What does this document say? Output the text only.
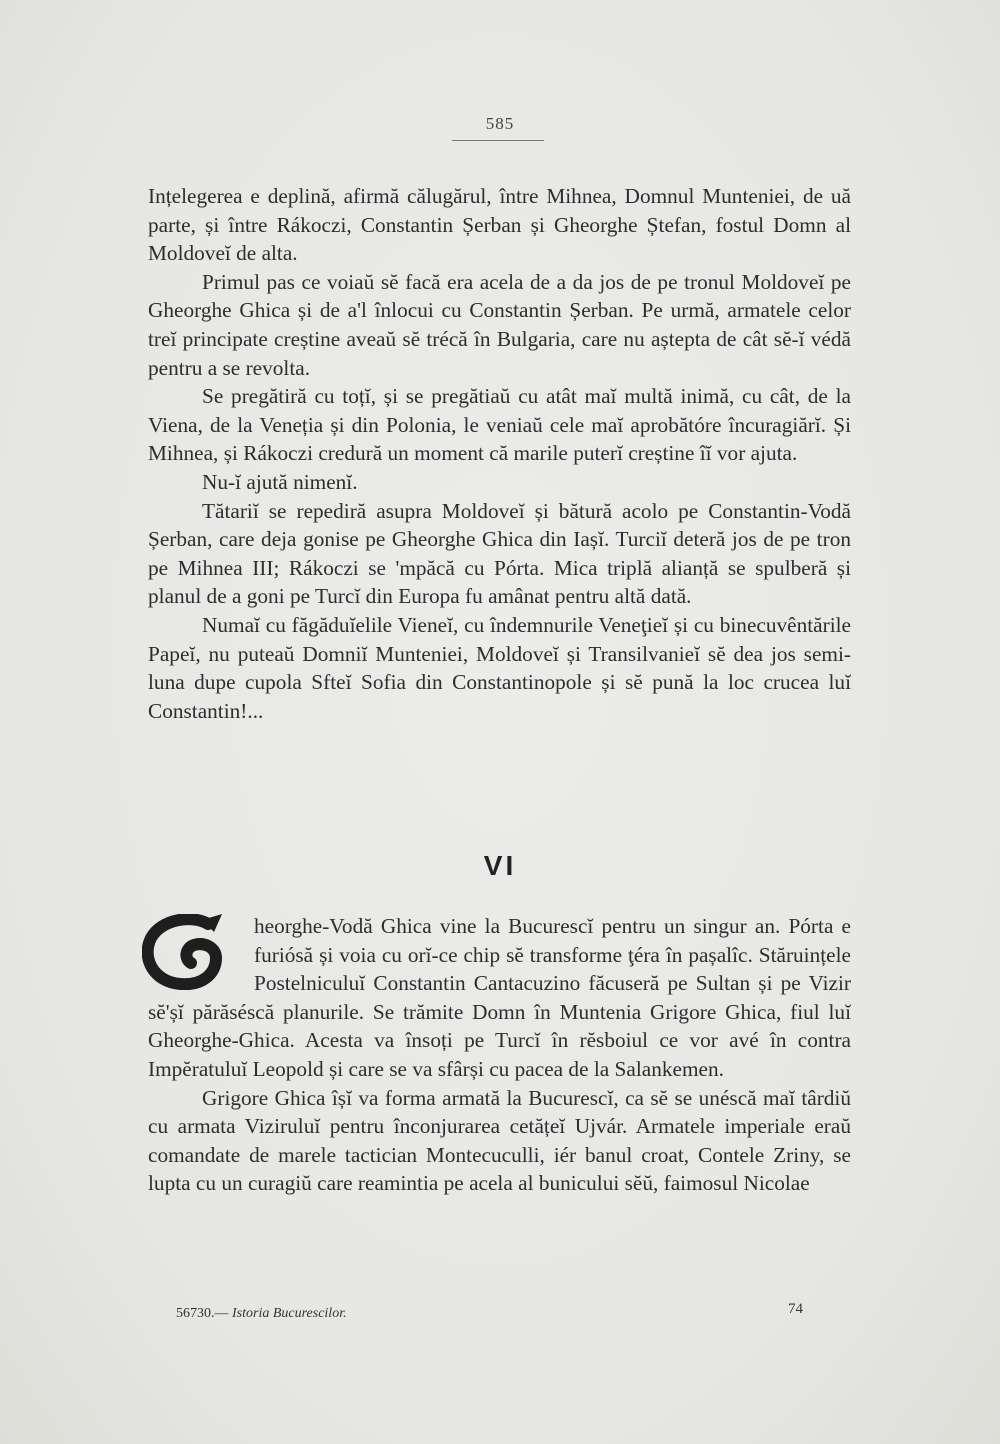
585

Ințelegerea e deplină, afirmă călugărul, între Mihnea, Domnul Munteniei, de uă parte, și între Rákoczi, Constantin Șerban și Gheorghe Ștefan, fostul Domn al Moldoveĭ de alta.

Primul pas ce voiaŭ sĕ facă era acela de a da jos de pe tronul Moldoveĭ pe Gheorghe Ghica și de a'l înlocui cu Constantin Șerban. Pe urmă, armatele celor treĭ principate creștine aveaŭ sĕ trécă în Bulgaria, care nu aștepta de cât sĕ-ĭ védă pentru a se revolta.

Se pregătiră cu toțĭ, și se pregătiaŭ cu atât maĭ multă inimă, cu cât, de la Viena, de la Veneția și din Polonia, le veniaŭ cele maĭ aprobătóre încuragiărĭ. Și Mihnea, și Rákoczi credură un moment că marile puterĭ creștine îĭ vor ajuta.

Nu-ĭ ajută nimenĭ.

Tătariĭ se repediră asupra Moldoveĭ și bătură acolo pe Constantin-Vodă Șerban, care deja gonise pe Gheorghe Ghica din Iașĭ. Turciĭ deteră jos de pe tron pe Mihnea III; Rákoczi se 'mpăcă cu Pórta. Mica triplă alianță se spulberă și planul de a goni pe Turcĭ din Europa fu amânat pentru altă dată.

Numaĭ cu făgăduĭelile Vieneĭ, cu îndemnurile Veneţieĭ și cu binecuvêntările Papeĭ, nu puteaŭ Domniĭ Munteniei, Moldoveĭ și Transilvanieĭ sĕ dea jos semi-luna dupe cupola Sfteĭ Sofia din Constantinopole și sĕ pună la loc crucea luĭ Constantin!...

VI

heorghe-Vodă Ghica vine la Bucurescĭ pentru un singur an. Pórta e furiósă și voia cu orĭ-ce chip sĕ transforme ţéra în pașalîc. Stăruințele Postelniculuĭ Constantin Cantacuzino făcuseră pe Sultan și pe Vizir sĕ'șĭ părăséscă planurile. Se trămite Domn în Muntenia Grigore Ghica, fiul luĭ Gheorghe-Ghica. Acesta va însoți pe Turcĭ în rĕsboiul ce vor avé în contra Impĕratuluĭ Leopold și care se va sfârși cu pacea de la Salankemen.

Grigore Ghica îșĭ va forma armată la Bucurescĭ, ca sĕ se unéscă maĭ târdiŭ cu armata Viziruluĭ pentru înconjurarea cetățeĭ Ujvár. Armatele imperiale eraŭ comandate de marele tactician Montecuculli, iér banul croat, Contele Zriny, se lupta cu un curagiŭ care reamintia pe acela al bunicului sĕŭ, faimosul Nicolae

56730.— Istoria Bucurescilor.	74
